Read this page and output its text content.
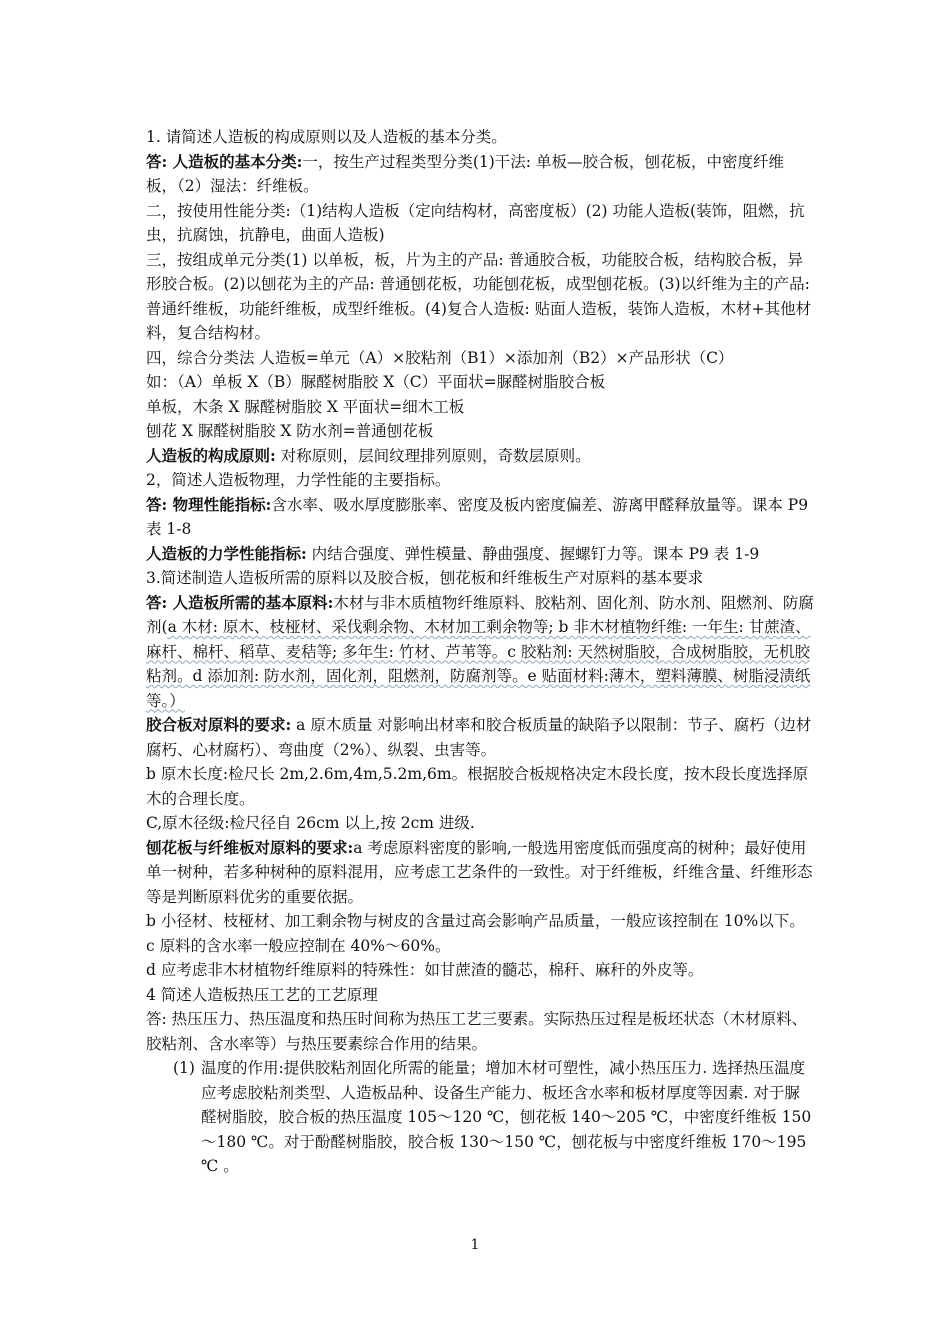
1. 请简述人造板的构成原则以及人造板的基本分类。

答: 人造板的基本分类:一，按生产过程类型分类(1)干法: 单板—胶合板，刨花板，中密度纤维板，（2）湿法：纤维板。

二，按使用性能分类:（1)结构人造板（定向结构材，高密度板）(2) 功能人造板(装饰，阻燃，抗虫，抗腐蚀，抗静电，曲面人造板)

三，按组成单元分类(1) 以单板，板，片为主的产品: 普通胶合板，功能胶合板，结构胶合板，异形胶合板。(2)以刨花为主的产品: 普通刨花板，功能刨花板，成型刨花板。(3)以纤维为主的产品: 普通纤维板，功能纤维板，成型纤维板。(4)复合人造板: 贴面人造板，装饰人造板，木材+其他材料，复合结构材。

四，综合分类法 人造板=单元（A）×胶粘剂（B1）×添加剂（B2）×产品形状（C）

如：（A）单板 X（B）脲醛树脂胶 X（C）平面状=脲醛树脂胶合板

单板，木条 X 脲醛树脂胶 X 平面状=细木工板

刨花 X 脲醛树脂胶 X 防水剂=普通刨花板

人造板的构成原则: 对称原则，层间纹理排列原则，奇数层原则。

2，简述人造板物理，力学性能的主要指标。

答: 物理性能指标:含水率、吸水厚度膨胀率、密度及板内密度偏差、游离甲醛释放量等。课本 P9 表 1-8

人造板的力学性能指标: 内结合强度、弹性模量、静曲强度、握螺钉力等。课本 P9 表 1-9

3.简述制造人造板所需的原料以及胶合板，刨花板和纤维板生产对原料的基本要求

答: 人造板所需的基本原料:木材与非木质植物纤维原料、胶粘剂、固化剂、防水剂、阻燃剂、防腐剂(a 木材: 原木、枝桠材、采伐剩余物、木材加工剩余物等; b 非木材植物纤维: 一年生: 甘蔗渣、麻杆、棉杆、稻草、麦秸等; 多年生: 竹材、芦苇等。c 胶粘剂: 天然树脂胶，合成树脂胶，无机胶粘剂。d 添加剂: 防水剂，固化剂，阻燃剂，防腐剂等。e 贴面材料:薄木，塑料薄膜、树脂浸渍纸等。）

胶合板对原料的要求: a 原木质量 对影响出材率和胶合板质量的缺陷予以限制：节子、腐朽（边材腐朽、心材腐朽）、弯曲度（2%）、纵裂、虫害等。

b 原木长度:检尺长 2m,2.6m,4m,5.2m,6m。根据胶合板规格决定木段长度，按木段长度选择原木的合理长度。

C,原木径级:检尺径自 26cm 以上,按 2cm 进级.

刨花板与纤维板对原料的要求:a 考虑原料密度的影响,一般选用密度低而强度高的树种；最好使用单一树种，若多种树种的原料混用，应考虑工艺条件的一致性。对于纤维板，纤维含量、纤维形态等是判断原料优劣的重要依据。

b 小径材、枝桠材、加工剩余物与树皮的含量过高会影响产品质量，一般应该控制在 10%以下。

c 原料的含水率一般应控制在 40%～60%。

d 应考虑非木材植物纤维原料的特殊性：如甘蔗渣的髓芯，棉秆、麻秆的外皮等。

4 简述人造板热压工艺的工艺原理

答: 热压压力、热压温度和热压时间称为热压工艺三要素。实际热压过程是板坯状态（木材原料、胶粘剂、含水率等）与热压要素综合作用的结果。

(1) 温度的作用:提供胶粘剂固化所需的能量；增加木材可塑性，减小热压压力. 选择热压温度应考虑胶粘剂类型、人造板品种、设备生产能力、板坯含水率和板材厚度等因素. 对于脲醛树脂胶，胶合板的热压温度 105～120 ℃，刨花板 140～205 ℃，中密度纤维板 150～180 ℃。对于酚醛树脂胶，胶合板 130～150 ℃，刨花板与中密度纤维板 170～195 ℃ 。

1
